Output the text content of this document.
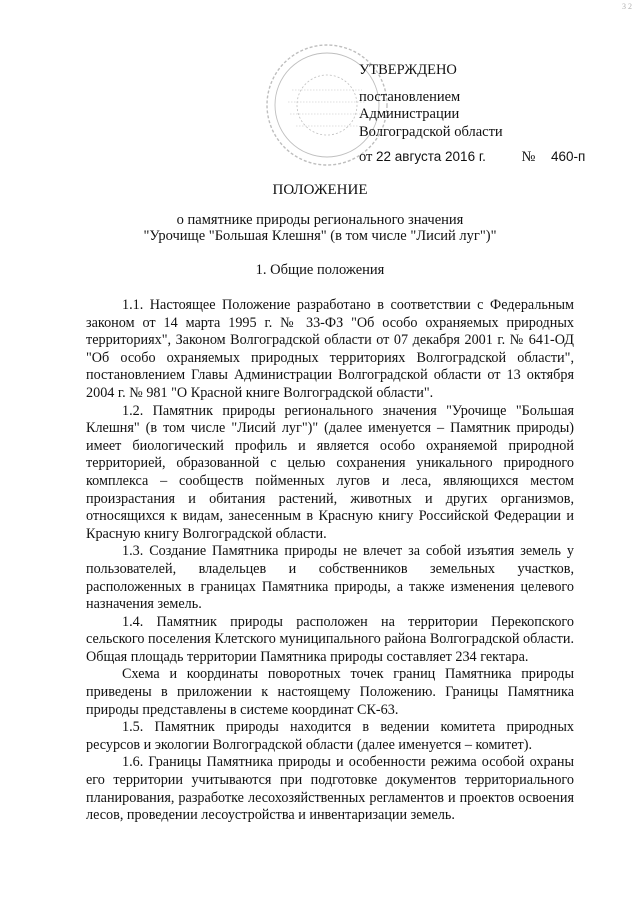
3 2
УТВЕРЖДЕНО
постановлением
Администрации
Волгоградской области
от 22 августа 2016 г. № 460-п
ПОЛОЖЕНИЕ
о памятнике природы регионального значения
"Урочище "Большая Клешня" (в том числе "Лисий луг")"
1. Общие положения

1.1. Настоящее Положение разработано в соответствии с Федеральным законом от 14 марта 1995 г. № 33-ФЗ "Об особо охраняемых природных территориях", Законом Волгоградской области от 07 декабря 2001 г. № 641-ОД "Об особо охраняемых природных территориях Волгоградской области", постановлением Главы Администрации Волгоградской области от 13 октября 2004 г. № 981 "О Красной книге Волгоградской области".

1.2. Памятник природы регионального значения "Урочище "Большая Клешня" (в том числе "Лисий луг")" (далее именуется – Памятник природы) имеет биологический профиль и является особо охраняемой природной территорией, образованной с целью сохранения уникального природного комплекса – сообществ пойменных лугов и леса, являющихся местом произрастания и обитания растений, животных и других организмов, относящихся к видам, занесенным в Красную книгу Российской Федерации и Красную книгу Волгоградской области.

1.3. Создание Памятника природы не влечет за собой изъятия земель у пользователей, владельцев и собственников земельных участков, расположенных в границах Памятника природы, а также изменения целевого назначения земель.

1.4. Памятник природы расположен на территории Перекопского сельского поселения Клетского муниципального района Волгоградской области. Общая площадь территории Памятника природы составляет 234 гектара.

Схема и координаты поворотных точек границ Памятника природы приведены в приложении к настоящему Положению. Границы Памятника природы представлены в системе координат СК-63.

1.5. Памятник природы находится в ведении комитета природных ресурсов и экологии Волгоградской области (далее именуется – комитет).

1.6. Границы Памятника природы и особенности режима особой охраны его территории учитываются при подготовке документов территориального планирования, разработке лесохозяйственных регламентов и проектов освоения лесов, проведении лесоустройства и инвентаризации земель.
